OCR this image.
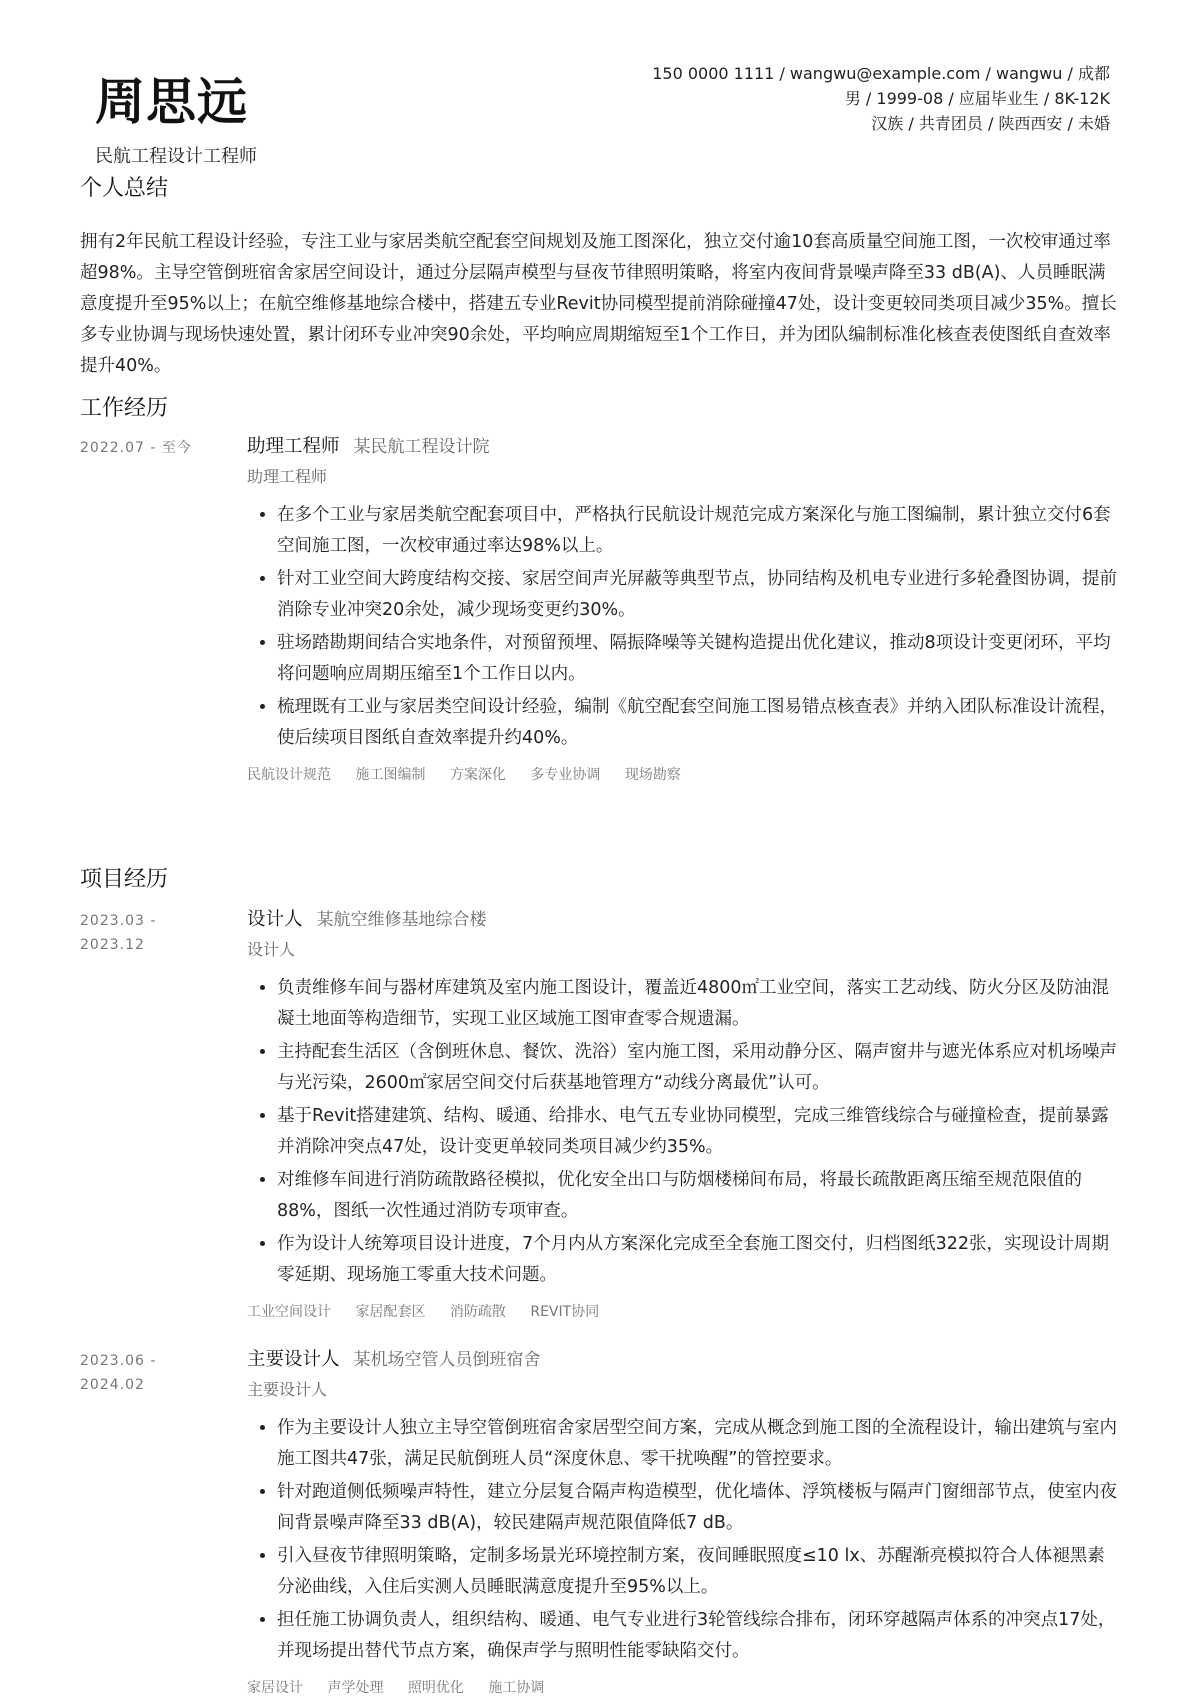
周思远
民航工程设计工程师
150 0000 1111 / wangwu@example.com / wangwu / 成都
男 / 1999-08 / 应届毕业生 / 8K-12K
汉族 / 共青团员 / 陕西西安 / 未婚
个人总结
拥有2年民航工程设计经验，专注工业与家居类航空配套空间规划及施工图深化，独立交付逾10套高质量空间施工图，一次校审通过率超98%。主导空管倒班宿舍家居空间设计，通过分层隔声模型与昼夜节律照明策略，将室内夜间背景噪声降至33 dB(A)、人员睡眠满意度提升至95%以上；在航空维修基地综合楼中，搭建五专业Revit协同模型提前消除碰撞47处，设计变更较同类项目减少35%。擅长多专业协调与现场快速处置，累计闭环专业冲突90余处，平均响应周期缩短至1个工作日，并为团队编制标准化核查表使图纸自查效率提升40%。
工作经历
2022.07 - 至今	助理工程师 某民航工程设计院
助理工程师
• 在多个工业与家居类航空配套项目中，严格执行民航设计规范完成方案深化与施工图编制，累计独立交付6套空间施工图，一次校审通过率达98%以上。
• 针对工业空间大跨度结构交接、家居空间声光屏蔽等典型节点，协同结构及机电专业进行多轮叠图协调，提前消除专业冲突20余处，减少现场变更约30%。
• 驻场踏勘期间结合实地条件，对预留预埋、隔振降噪等关键构造提出优化建议，推动8项设计变更闭环，平均将问题响应周期压缩至1个工作日以内。
• 梳理既有工业与家居类空间设计经验，编制《航空配套空间施工图易错点核查表》并纳入团队标准设计流程，使后续项目图纸自查效率提升约40%。
民航设计规范 施工图编制 方案深化 多专业协调 现场勘察
项目经历
2023.03 -
2023.12
设计人 某航空维修基地综合楼
设计人
• 负责维修车间与器材库建筑及室内施工图设计，覆盖近4800㎡工业空间，落实工艺动线、防火分区及防油混凝土地面等构造细节，实现工业区域施工图审查零合规遗漏。
• 主持配套生活区（含倒班休息、餐饮、洗浴）室内施工图，采用动静分区、隔声窗井与遮光体系应对机场噪声与光污染，2600㎡家居空间交付后获基地管理方“动线分离最优”认可。
• 基于Revit搭建建筑、结构、暖通、给排水、电气五专业协同模型，完成三维管线综合与碰撞检查，提前暴露并消除冲突点47处，设计变更单较同类项目减少约35%。
• 对维修车间进行消防疏散路径模拟，优化安全出口与防烟楼梯间布局，将最长疏散距离压缩至规范限值的88%，图纸一次性通过消防专项审查。
• 作为设计人统筹项目设计进度，7个月内从方案深化完成至全套施工图交付，归档图纸322张，实现设计周期零延期、现场施工零重大技术问题。
工业空间设计 家居配套区 消防疏散 REVIT协同
2023.06 -
2024.02
主要设计人 某机场空管人员倒班宿舍
主要设计人
• 作为主要设计人独立主导空管倒班宿舍家居型空间方案，完成从概念到施工图的全流程设计，输出建筑与室内施工图共47张，满足民航倒班人员“深度休息、零干扰唤醒”的管控要求。
• 针对跑道侧低频噪声特性，建立分层复合隔声构造模型，优化墙体、浮筑楼板与隔声门窗细部节点，使室内夜间背景噪声降至33 dB(A)，较民建隔声规范限值降低7 dB。
• 引入昼夜节律照明策略，定制多场景光环境控制方案，夜间睡眠照度≤10 lx、苏醒渐亮模拟符合人体褪黑素分泌曲线，入住后实测人员睡眠满意度提升至95%以上。
• 担任施工协调负责人，组织结构、暖通、电气专业进行3轮管线综合排布，闭环穿越隔声体系的冲突点17处，并现场提出替代节点方案，确保声学与照明性能零缺陷交付。
家居设计 声学处理 照明优化 施工协调
